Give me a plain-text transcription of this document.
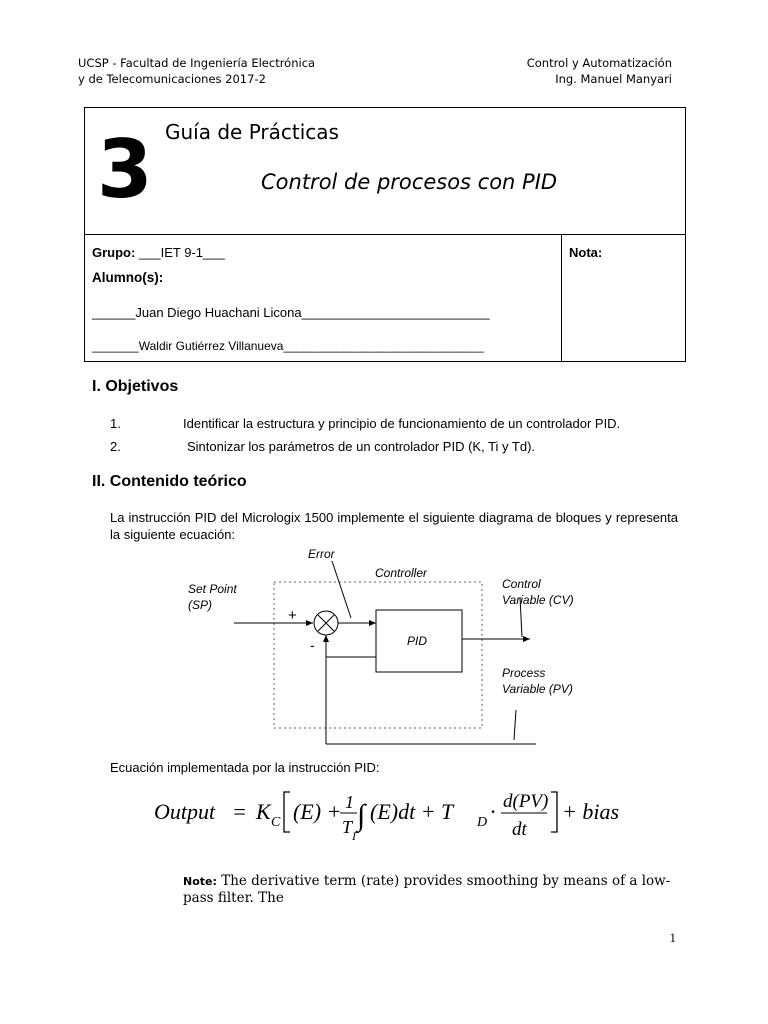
UCSP - Facultad de Ingeniería Electrónica
y de Telecomunicaciones 2017-2
Control y Automatización
Ing. Manuel Manyari
3 Guía de Prácticas
Control de procesos con PID
Grupo: ___IET 9-1___
Alumno(s):
______Juan Diego Huachani Licona__________________________
_______Waldir Gutiérrez Villanueva______________________________
Nota:
I. Objetivos
1.	Identificar la estructura y principio de funcionamiento de un controlador PID.
2.	Sintonizar los parámetros de un controlador PID (K, Ti y Td).
II. Contenido teórico
La instrucción PID del Micrologix 1500 implemente el siguiente diagrama de bloques y representa la siguiente ecuación:
Error
Controller
Set Point
(SP)
+
-	PID
Control
Variable (CV)
Process
Variable (PV)
Ecuación implementada por la instrucción PID:
Output = K C (E) + 1
T I
∫ (E)dt + T D · d(PV)
dt
+ bias
Note: The derivative term (rate) provides smoothing by means of a low-pass filter. The
1
